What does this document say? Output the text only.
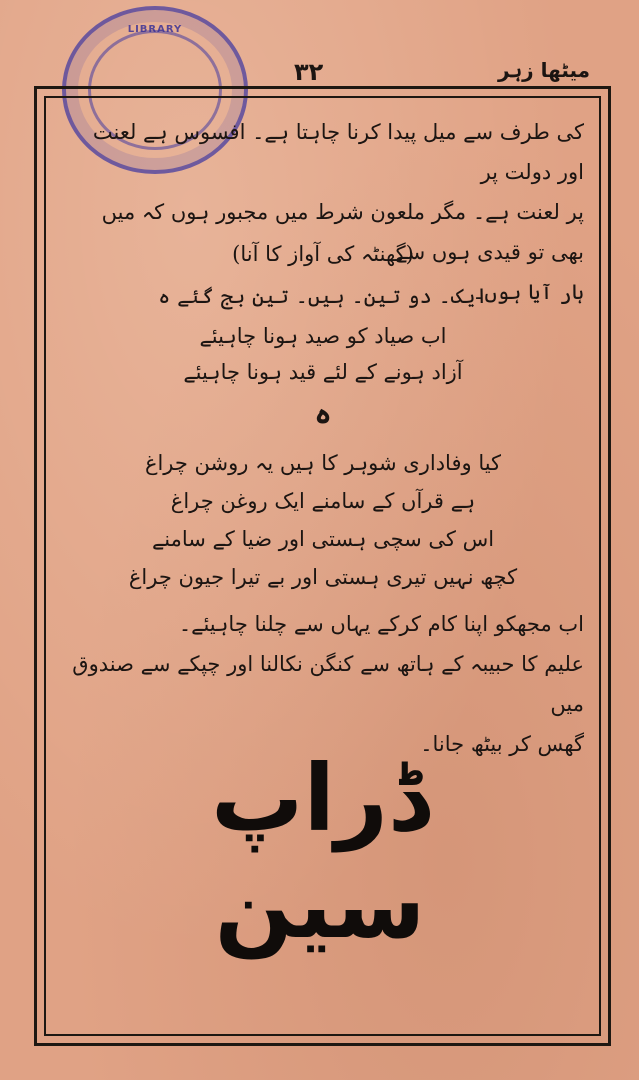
LIBRARY
۳۲	میٹھا زہر

کی طرف سے میل پیدا کرنا چاہتا ہے۔ افسوس ہے لعنت اور دولت پر

پر لعنت ہے۔ مگر ملعون شرط میں مجبور ہوں کہ میں بھی تو قیدی ہوں سے

ہار آیا ہوں۔

(گھنٹہ کی آواز کا آنا)
ایک۔ دو تین۔ ہیں۔ تین بج گئے ہ
اب صیاد کو صید ہونا چاہیئے
آزاد ہونے کے لئے قید ہونا چاہیئے
ہ
کیا وفاداری شوہر کا ہیں یہ روشن چراغ
ہے قرآں کے سامنے ایک روغن چراغ
اس کی سچی ہستی اور ضیا کے سامنے
کچھ نہیں تیری ہستی اور بے تیرا جیون چراغ
اب مجھکو اپنا کام کرکے یہاں سے چلنا چاہیئے۔
علیم کا حبیبہ کے ہاتھ سے کنگن نکالنا اور چپکے سے صندوق میں
گھس کر بیٹھ جانا۔
ڈراپ سین
